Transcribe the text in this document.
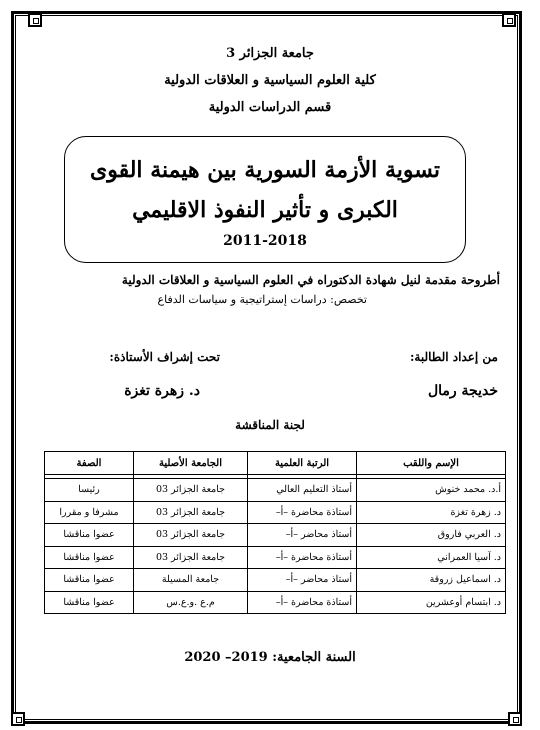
جامعة الجزائر 3
كلية العلوم السياسية و العلاقات الدولية
قسم الدراسات الدولية
تسوية الأزمة السورية بين هيمنة القوى
الكبرى و تأثير النفوذ الاقليمي
2011-2018
أطروحة مقدمة لنيل شهادة الدكتوراه في العلوم السياسية و العلاقات الدولية
تخصص: دراسات إستراتيجية و سياسات الدفاع
من إعداد الطالبة:
خديجة رمال
تحت إشراف الأستاذة:
د. زهرة تغزة
لجنة المناقشة
الإسم واللقب	الرتبة العلمية	الجامعة الأصلية	الصفة

أ.د. محمد خنوش	أستاذ التعليم العالي	جامعة الجزائر 03	رئيسا
د. زهرة تغزة	أستاذة محاضرة –أ–	جامعة الجزائر 03	مشرفا و مقررا
د. العربي فاروق	أستاذ محاضر –أ–	جامعة الجزائر 03	عضوا مناقشا
د. آسيا العمراني	أستاذة محاضرة –أ–	جامعة الجزائر 03	عضوا مناقشا
د. اسماعيل زروقة	أستاذ محاضر –أ–	جامعة المسيلة	عضوا مناقشا
د. ابتسام أوعشرين	أستاذة محاضرة –أ–	م.ع .و.ع.س	عضوا مناقشا
السنة الجامعية: 2019– 2020
